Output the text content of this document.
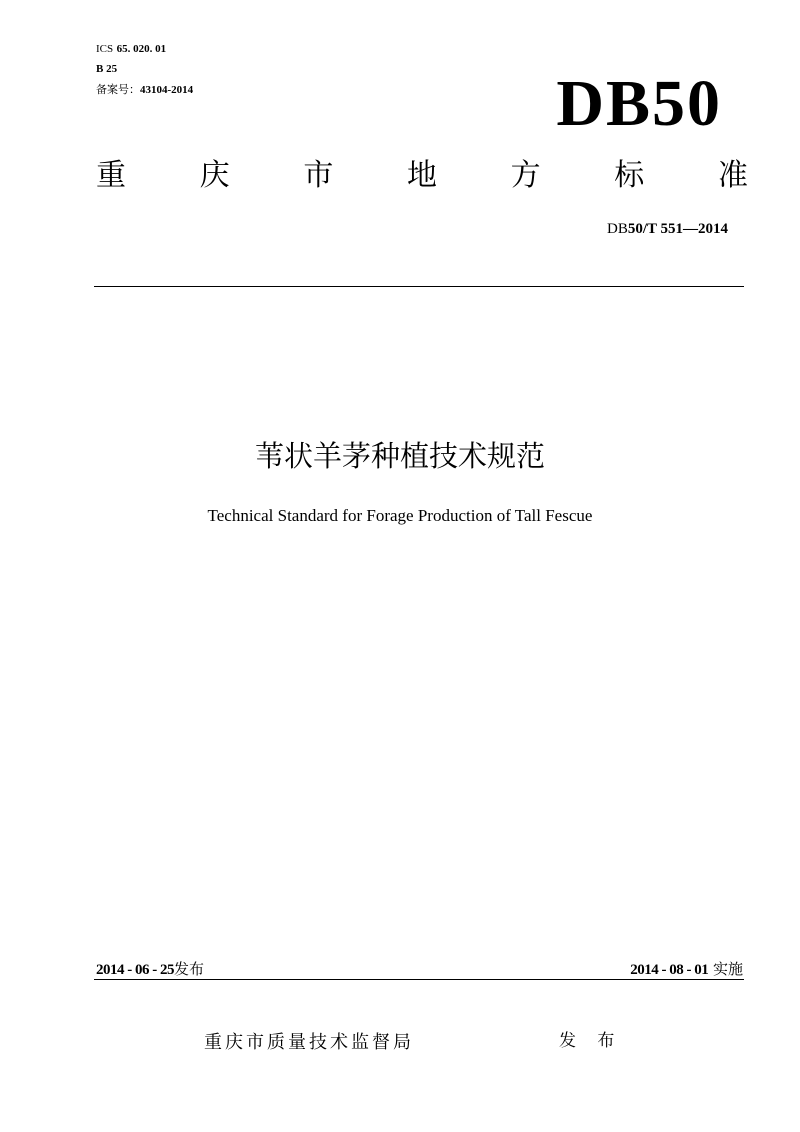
ICS 65. 020. 01
B 25
备案号：43104-2014	DB50
重 庆 市 地 方 标 准
DB50/T 551—2014
苇状羊茅种植技术规范
Technical Standard for Forage Production of Tall Fescue
2014 - 06 - 25发布	2014 - 08 - 01 实施
重庆市质量技术监督局	发 布
